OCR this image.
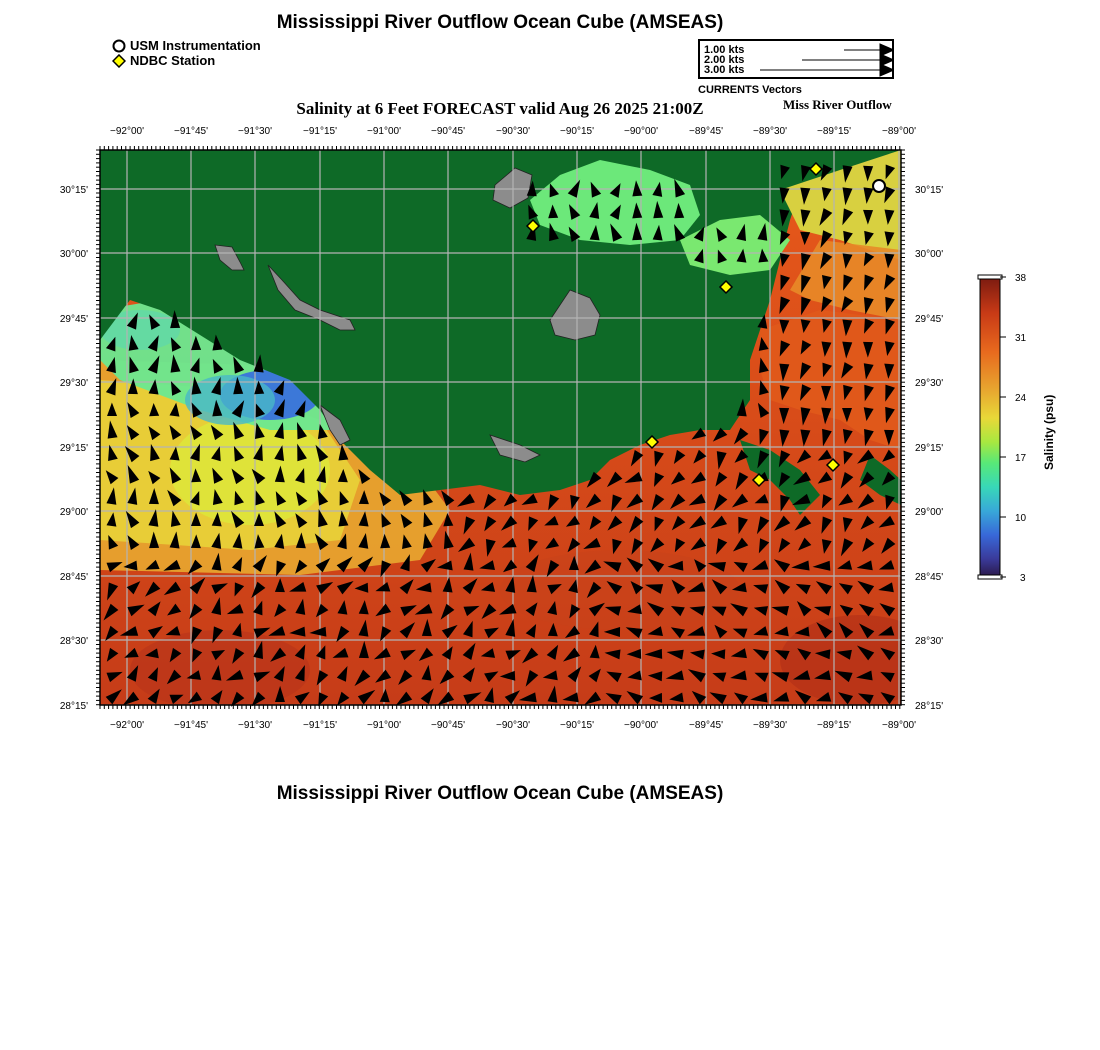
Mississippi River Outflow Ocean Cube (AMSEAS)
USM Instrumentation
NDBC Station
1.00 kts
2.00 kts
3.00 kts
CURRENTS Vectors
Salinity at 6 Feet FORECAST valid Aug 26 2025 21:00Z	Miss River Outflow
−92°00'	−91°45'	−91°30'	−91°15'	−91°00'	−90°45'	−90°30'	−90°15'	−90°00'	−89°45'	−89°30'	−89°15'	−89°00'
−92°00'	−91°45'	−91°30'	−91°15'	−91°00'	−90°45'	−90°30'	−90°15'	−90°00'	−89°45'	−89°30'	−89°15'	−89°00'
30°15'
30°00'
29°45'
29°30'
29°15'
29°00'
28°45'
28°30'
28°15'
30°15'
30°00'
29°45'
29°30'
29°15'
29°00'
28°45'
28°30'
28°15'
38
31
24
17
10
3
Salinity (psu)
Mississippi River Outflow Ocean Cube (AMSEAS)
